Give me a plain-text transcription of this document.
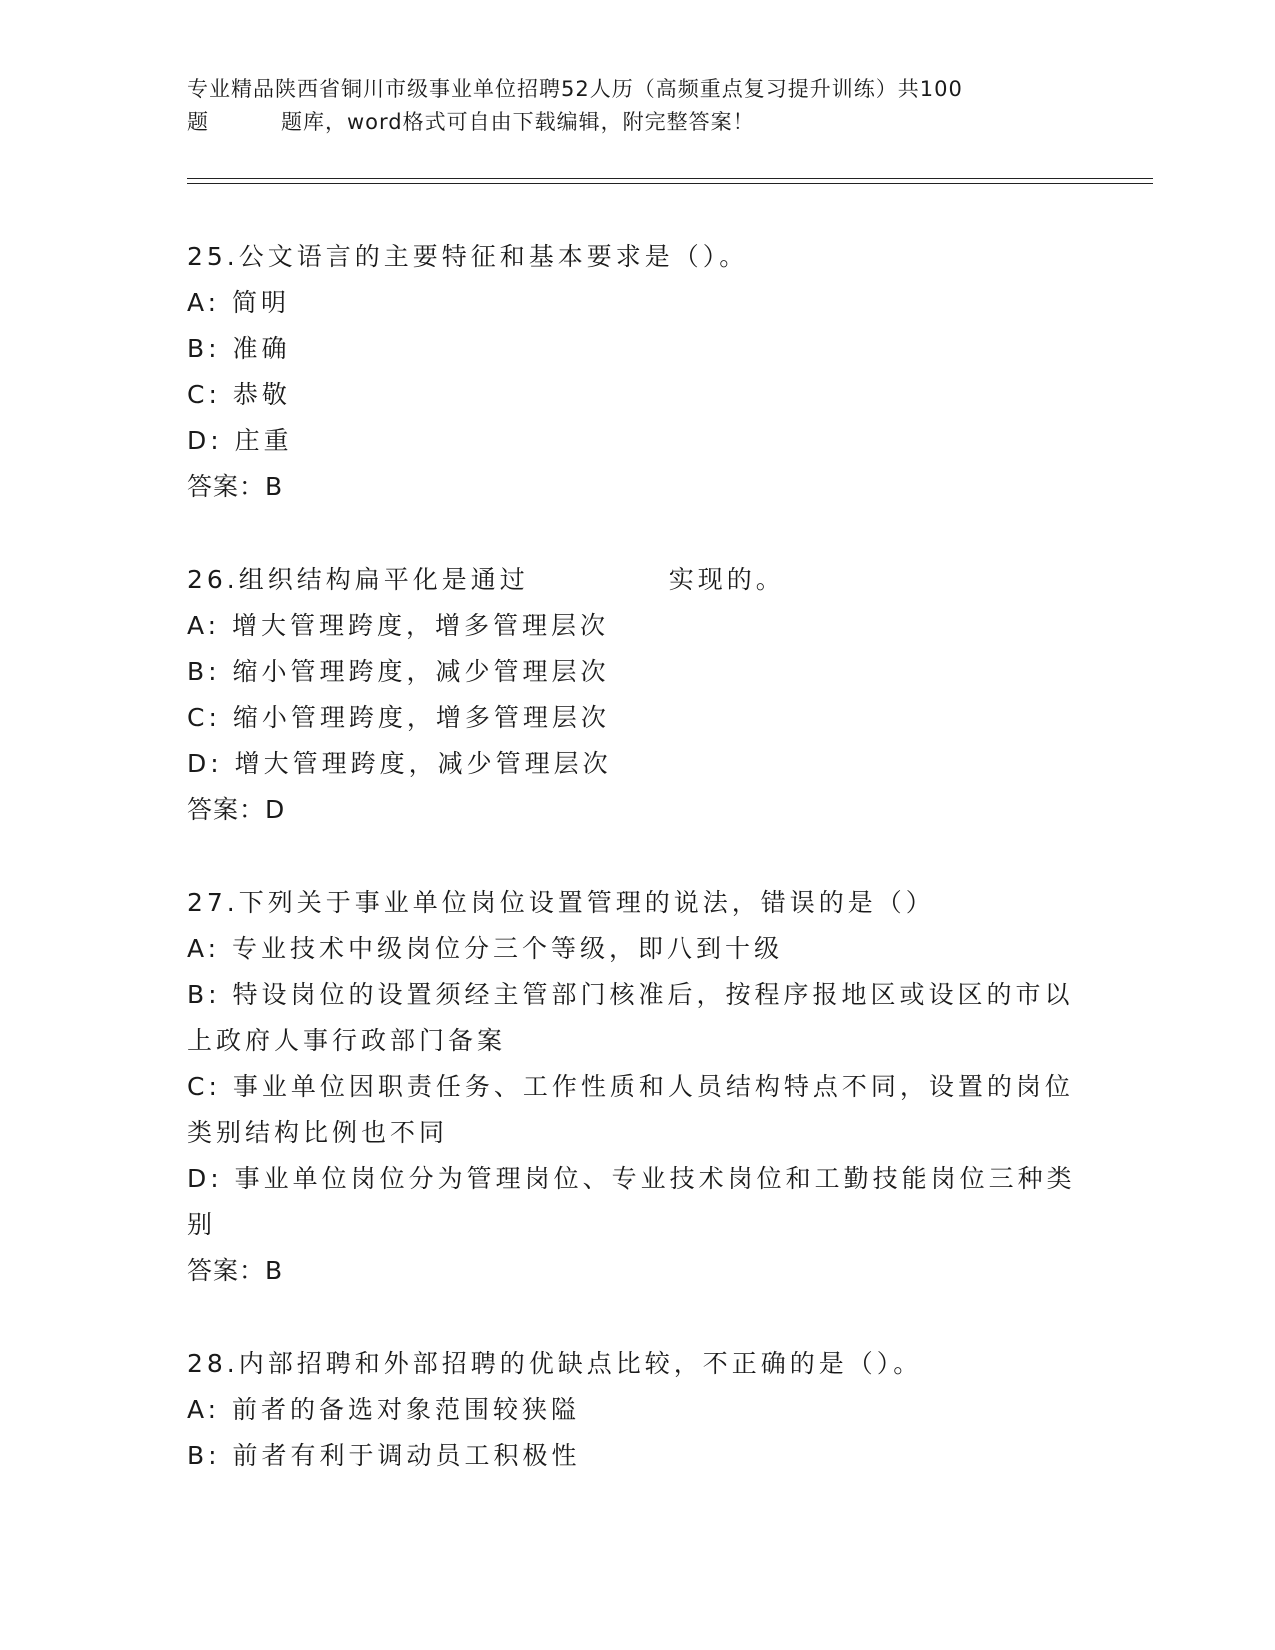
专业精品陕西省铜川市级事业单位招聘52人历（高频重点复习提升训练）共100
题	题库，word格式可自由下载编辑，附完整答案！
25.公文语言的主要特征和基本要求是（）。
A: 简明
B: 准确
C: 恭敬
D: 庄重
答案：B
26.组织结构扁平化是通过	实现的。
A: 增大管理跨度，增多管理层次
B: 缩小管理跨度，减少管理层次
C: 缩小管理跨度，增多管理层次
D: 增大管理跨度，减少管理层次
答案：D
27.下列关于事业单位岗位设置管理的说法，错误的是（）
A: 专业技术中级岗位分三个等级，即八到十级
B: 特设岗位的设置须经主管部门核准后，按程序报地区或设区的市以上政府人事行政部门备案
C: 事业单位因职责任务、工作性质和人员结构特点不同，设置的岗位类别结构比例也不同
D: 事业单位岗位分为管理岗位、专业技术岗位和工勤技能岗位三种类别
答案：B
28.内部招聘和外部招聘的优缺点比较，不正确的是（）。
A: 前者的备选对象范围较狭隘
B: 前者有利于调动员工积极性
